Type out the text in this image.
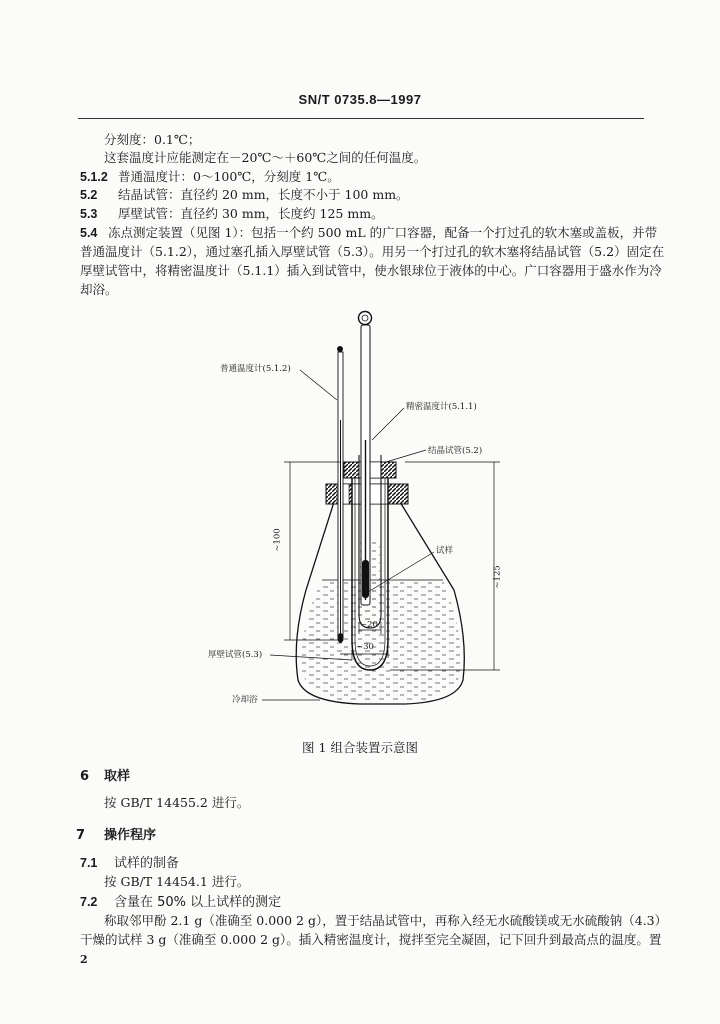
SN/T 0735.8—1997
分刻度：0.1℃；
这套温度计应能测定在－20℃～＋60℃之间的任何温度。
5.1.2 普通温度计：0～100℃，分刻度 1℃。
5.2 结晶试管：直径约 20 mm，长度不小于 100 mm。
5.3 厚壁试管：直径约 30 mm，长度约 125 mm。
5.4 冻点测定装置（见图 1）：包括一个约 500 mL 的广口容器，配备一个打过孔的软木塞或盖板，并带
普通温度计（5.1.2），通过塞孔插入厚壁试管（5.3）。用另一个打过孔的软木塞将结晶试管（5.2）固定在
厚壁试管中，将精密温度计（5.1.1）插入到试管中，使水银球位于液体的中心。广口容器用于盛水作为冷
却浴。
普通温度计(5.1.2)
精密温度计(5.1.1)
结晶试管(5.2)
试样
厚壁试管(5.3)
冷却浴
~100
~125
~20
~30
图 1 组合装置示意图
6 取样
按 GB/T 14455.2 进行。
7 操作程序
7.1 试样的制备
按 GB/T 14454.1 进行。
7.2 含量在 50% 以上试样的测定
称取邻甲酚 2.1 g（准确至 0.000 2 g），置于结晶试管中，再称入经无水硫酸镁或无水硫酸钠（4.3）
干燥的试样 3 g（准确至 0.000 2 g）。插入精密温度计，搅拌至完全凝固，记下回升到最高点的温度。置
2
